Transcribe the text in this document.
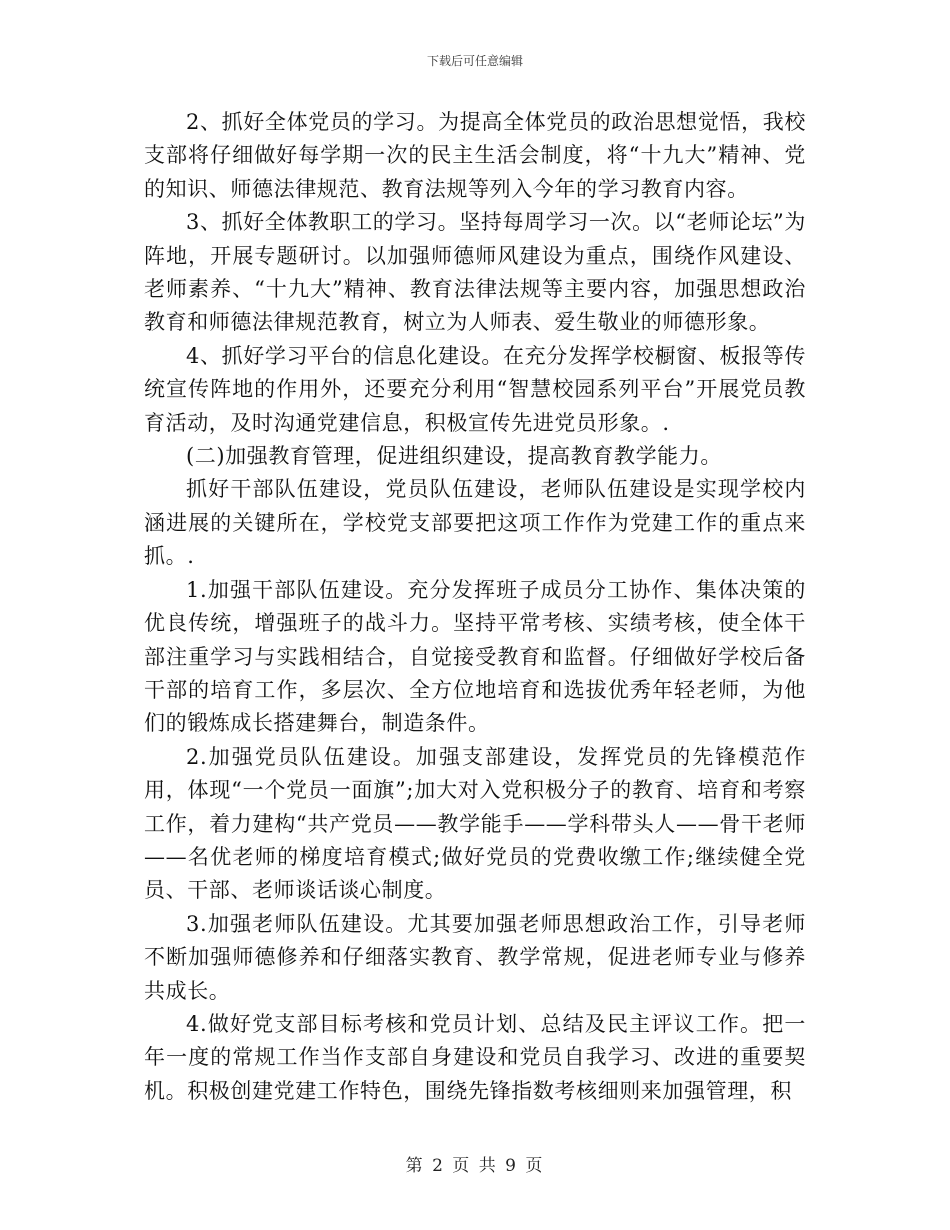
下载后可任意编辑

2、抓好全体党员的学习。为提高全体党员的政治思想觉悟，我校支部将仔细做好每学期一次的民主生活会制度，将“十九大”精神、党的知识、师德法律规范、教育法规等列入今年的学习教育内容。

3、抓好全体教职工的学习。坚持每周学习一次。以“老师论坛”为阵地，开展专题研讨。以加强师德师风建设为重点，围绕作风建设、老师素养、“十九大”精神、教育法律法规等主要内容，加强思想政治教育和师德法律规范教育，树立为人师表、爱生敬业的师德形象。

4、抓好学习平台的信息化建设。在充分发挥学校橱窗、板报等传统宣传阵地的作用外，还要充分利用“智慧校园系列平台”开展党员教育活动，及时沟通党建信息，积极宣传先进党员形象。.

(二)加强教育管理，促进组织建设，提高教育教学能力。

抓好干部队伍建设，党员队伍建设，老师队伍建设是实现学校内涵进展的关键所在，学校党支部要把这项工作作为党建工作的重点来抓。.

1.加强干部队伍建设。充分发挥班子成员分工协作、集体决策的优良传统，增强班子的战斗力。坚持平常考核、实绩考核，使全体干部注重学习与实践相结合，自觉接受教育和监督。仔细做好学校后备干部的培育工作，多层次、全方位地培育和选拔优秀年轻老师，为他们的锻炼成长搭建舞台，制造条件。

2.加强党员队伍建设。加强支部建设，发挥党员的先锋模范作用，体现“一个党员一面旗”;加大对入党积极分子的教育、培育和考察工作，着力建构“共产党员——教学能手——学科带头人——骨干老师——名优老师的梯度培育模式;做好党员的党费收缴工作;继续健全党员、干部、老师谈话谈心制度。

3.加强老师队伍建设。尤其要加强老师思想政治工作，引导老师不断加强师德修养和仔细落实教育、教学常规，促进老师专业与修养共成长。

4.做好党支部目标考核和党员计划、总结及民主评议工作。把一年一度的常规工作当作支部自身建设和党员自我学习、改进的重要契机。积极创建党建工作特色，围绕先锋指数考核细则来加强管理，积

第 2 页 共 9 页
